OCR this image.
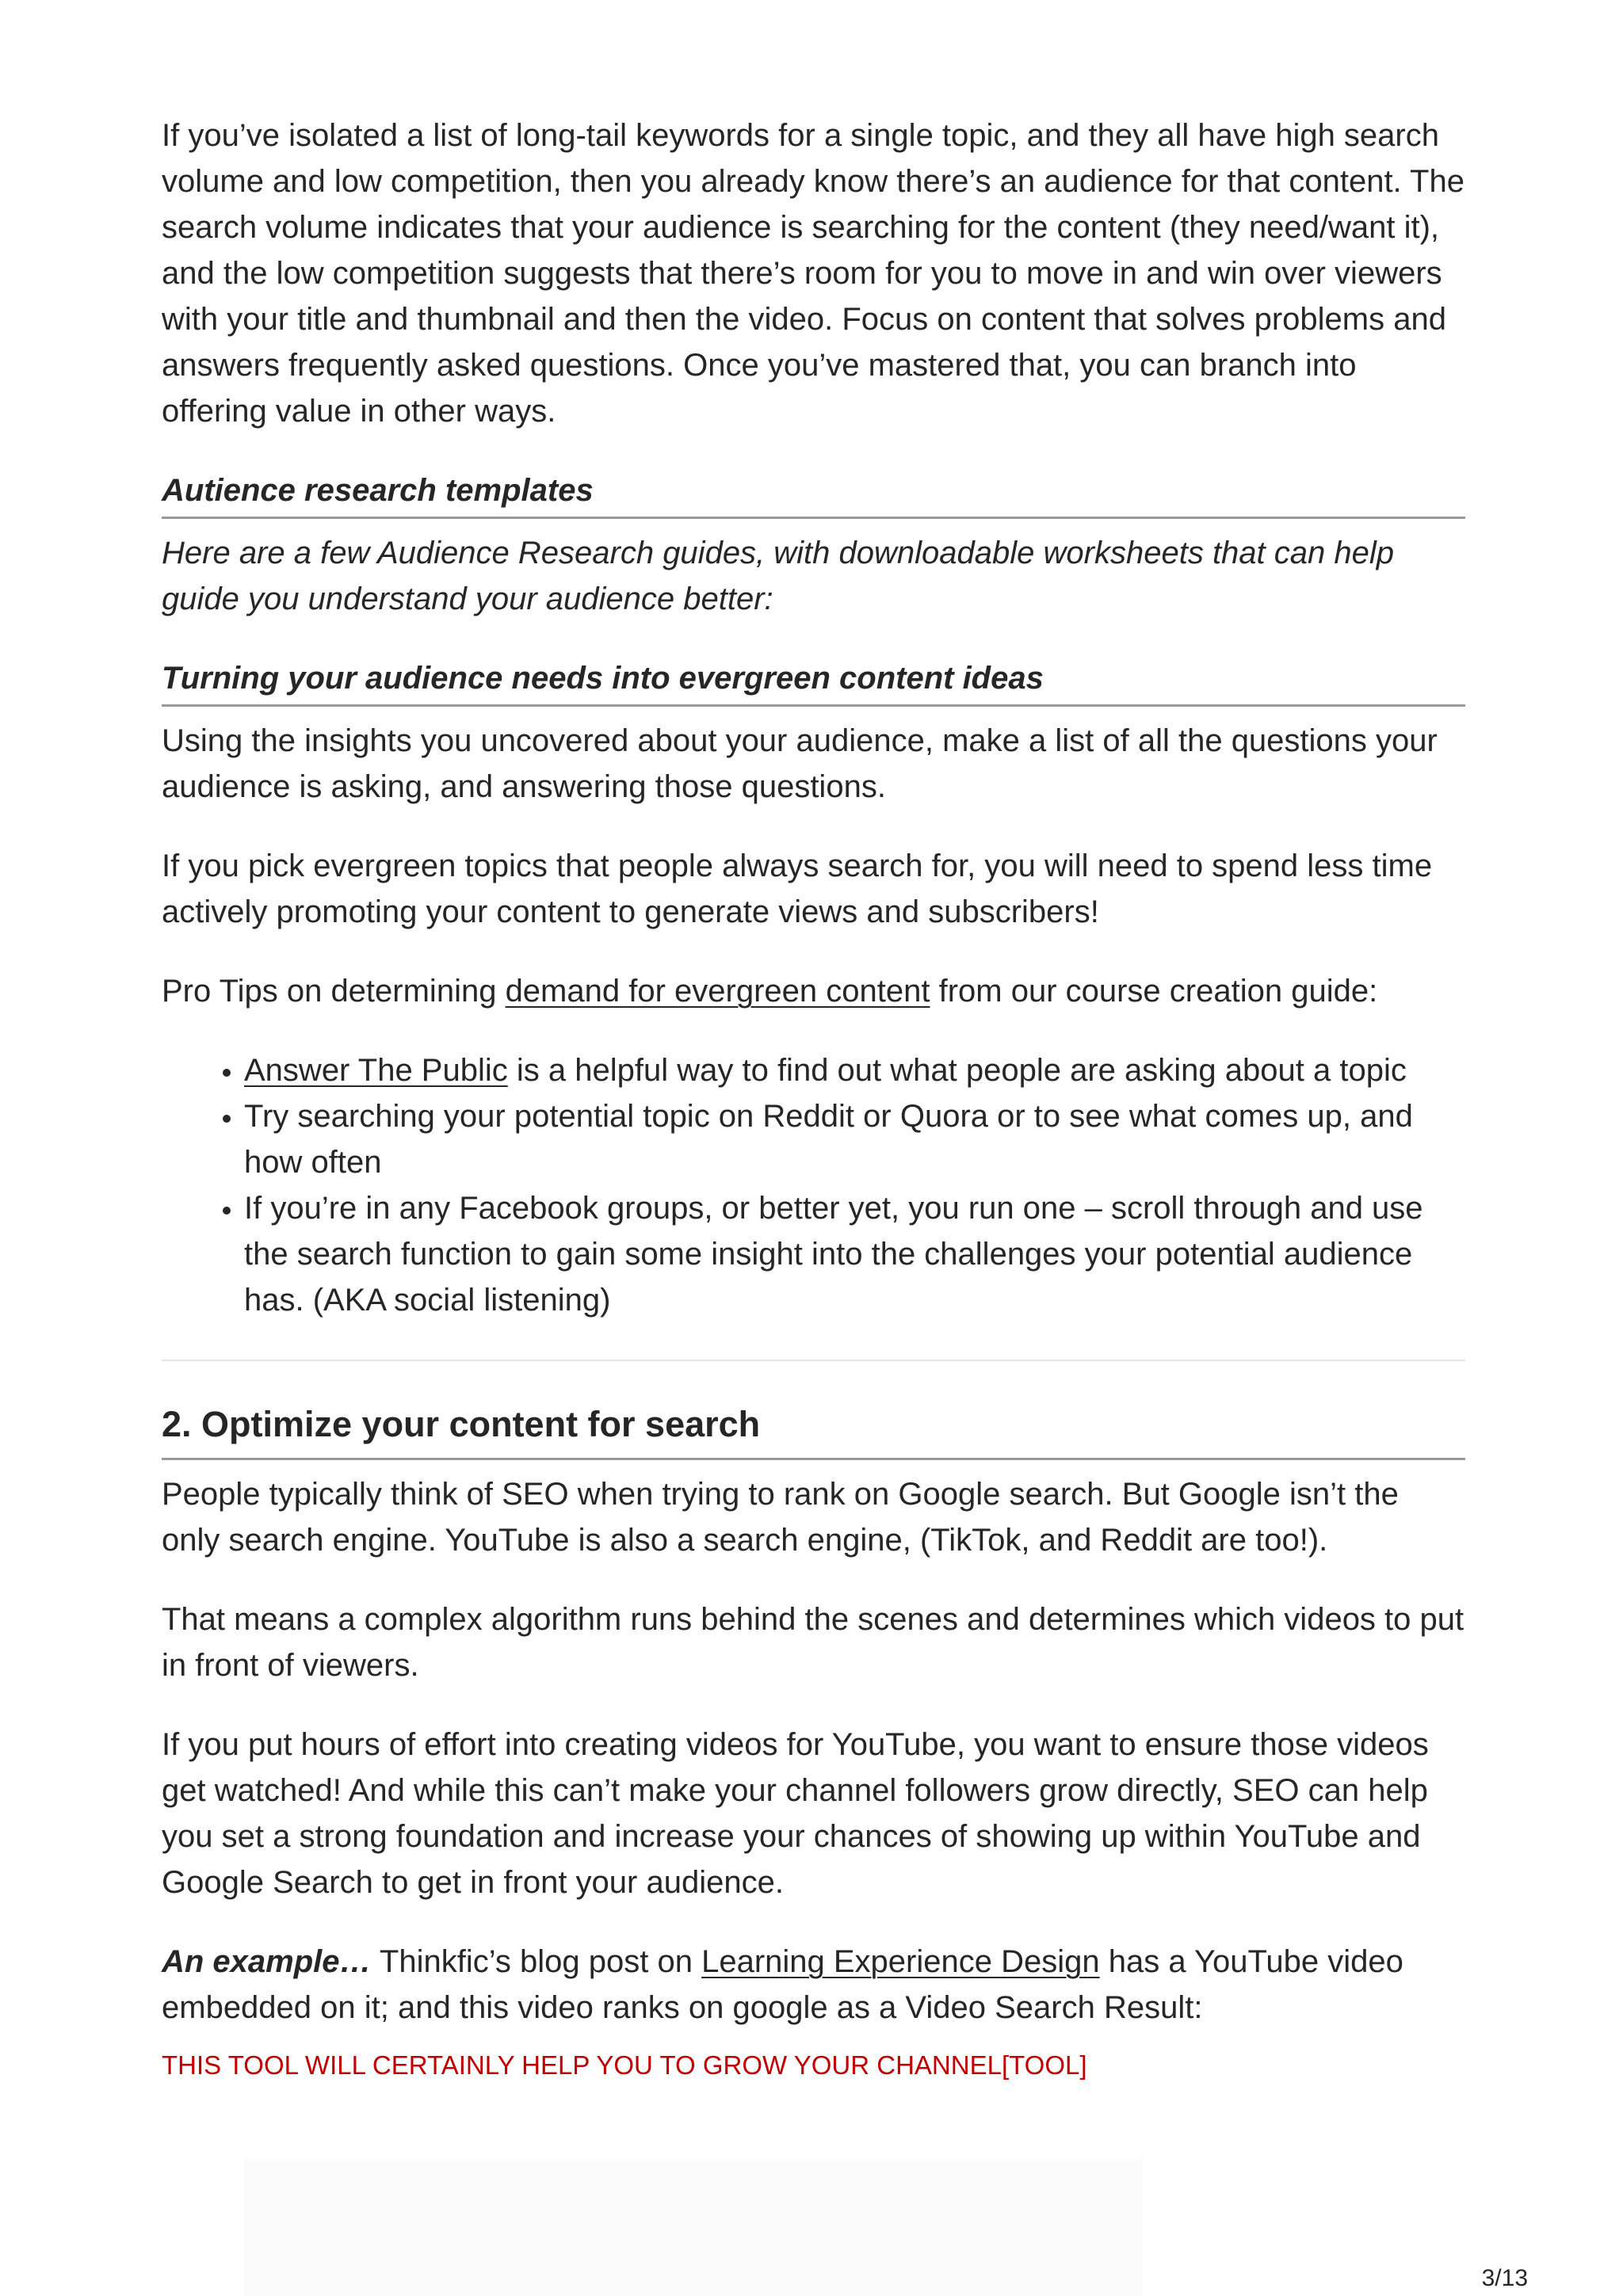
If you’ve isolated a list of long-tail keywords for a single topic, and they all have high search volume and low competition, then you already know there’s an audience for that content. The search volume indicates that your audience is searching for the content (they need/want it), and the low competition suggests that there’s room for you to move in and win over viewers with your title and thumbnail and then the video. Focus on content that solves problems and answers frequently asked questions. Once you’ve mastered that, you can branch into offering value in other ways.

Autience research templates

Here are a few Audience Research guides, with downloadable worksheets that can help guide you understand your audience better:

Turning your audience needs into evergreen content ideas

Using the insights you uncovered about your audience, make a list of all the questions your audience is asking, and answering those questions.

If you pick evergreen topics that people always search for, you will need to spend less time actively promoting your content to generate views and subscribers!

Pro Tips on determining demand for evergreen content from our course creation guide:

• Answer The Public is a helpful way to find out what people are asking about a topic
• Try searching your potential topic on Reddit or Quora or to see what comes up, and how often
• If you’re in any Facebook groups, or better yet, you run one – scroll through and use the search function to gain some insight into the challenges your potential audience has. (AKA social listening)
2. Optimize your content for search

People typically think of SEO when trying to rank on Google search. But Google isn’t the only search engine. YouTube is also a search engine, (TikTok, and Reddit are too!).

That means a complex algorithm runs behind the scenes and determines which videos to put in front of viewers.

If you put hours of effort into creating videos for YouTube, you want to ensure those videos get watched! And while this can’t make your channel followers grow directly, SEO can help you set a strong foundation and increase your chances of showing up within YouTube and Google Search to get in front your audience.

An example… Thinkfic’s blog post on Learning Experience Design has a YouTube video embedded on it; and this video ranks on google as a Video Search Result:

THIS TOOL WILL CERTAINLY HELP YOU TO GROW YOUR CHANNEL[TOOL]
3/13
